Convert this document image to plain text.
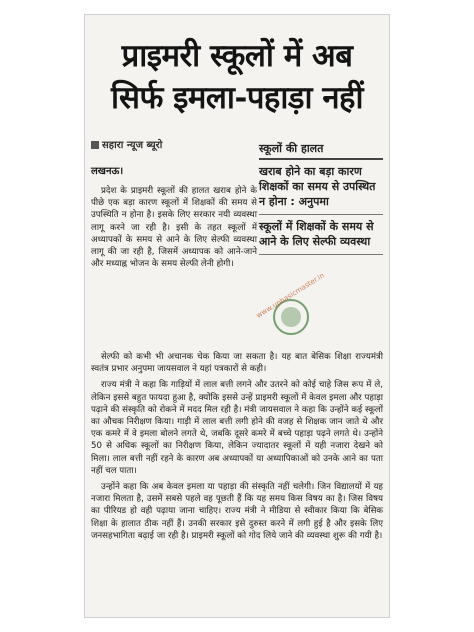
प्राइमरी स्कूलों में अब
सिर्फ इमला-पहाड़ा नहीं
सहारा न्यूज ब्यूरो
लखनऊ।

प्रदेश के प्राइमरी स्कूलों की हालत खराब होने के पीछे एक बड़ा कारण स्कूलों में शिक्षकों की समय से उपस्थिति न होना है। इसके लिए सरकार नयी व्यवस्था लागू करने जा रही है। इसी के तहत स्कूलों में अध्यापकों के समय से आने के लिए सेल्फी व्यवस्था लागू की जा रही है, जिसमें अध्यापक को आने-जाने और मध्याह्न भोजन के समय सेल्फी लेनी होगी।

स्कूलों की हालत
खराब होने का बड़ा कारण शिक्षकों का समय से उपस्थित न होना : अनुपमा
स्कूलों में शिक्षकों के समय से आने के लिए सेल्फी व्यवस्था

सेल्फी को कभी भी अचानक चेक किया जा सकता है। यह बात बेसिक शिक्षा राज्यमंत्री स्वतंत्र प्रभार अनुपमा जायसवाल ने यहां पत्रकारों से कही।

राज्य मंत्री ने कहा कि गाड़ियों में लाल बत्ती लगने और उतरने को कोई चाहे जिस रूप में ले, लेकिन इससे बहुत फायदा हुआ है, क्योंकि इससे उन्हें प्राइमरी स्कूलों में केवल इमला और पहाड़ा पढ़ाने की संस्कृति को रोकने में मदद मिल रही है। मंत्री जायसवाल ने कहा कि उन्होंने कई स्कूलों का औचक निरीक्षण किया। गाड़ी में लाल बत्ती लगी होने की वजह से शिक्षक जान जाते थे और एक कमरे में वे इमला बोलने लगते थे, जबकि दूसरे कमरे में बच्चे पहाड़ा पढ़ने लगते थे। उन्होंने 50 से अधिक स्कूलों का निरीक्षण किया, लेकिन ज्यादातर स्कूलों में यही नजारा देखने को मिला। लाल बत्ती नहीं रहने के कारण अब अध्यापकों या अध्यापिकाओं को उनके आने का पता नहीं चल पाता।

उन्होंने कहा कि अब केवल इमला या पहाड़ा की संस्कृति नहीं चलेगी। जिन विद्यालयों में यह नजारा मिलता है, उसमें सबसे पहले वह पूछती हैं कि यह समय किस विषय का है। जिस विषय का पीरियड हो वही पढ़ाया जाना चाहिए। राज्य मंत्री ने मीडिया से स्वीकार किया कि बेसिक शिक्षा के हालात ठीक नहीं हैं। उनकी सरकार इसे दुरुस्त करने में लगी हुई है और इसके लिए जनसहभागिता बढ़ाई जा रही है। प्राइमरी स्कूलों को गोद लिये जाने की व्यवस्था शुरू की गयी है।

www.upbasicmaster.in
